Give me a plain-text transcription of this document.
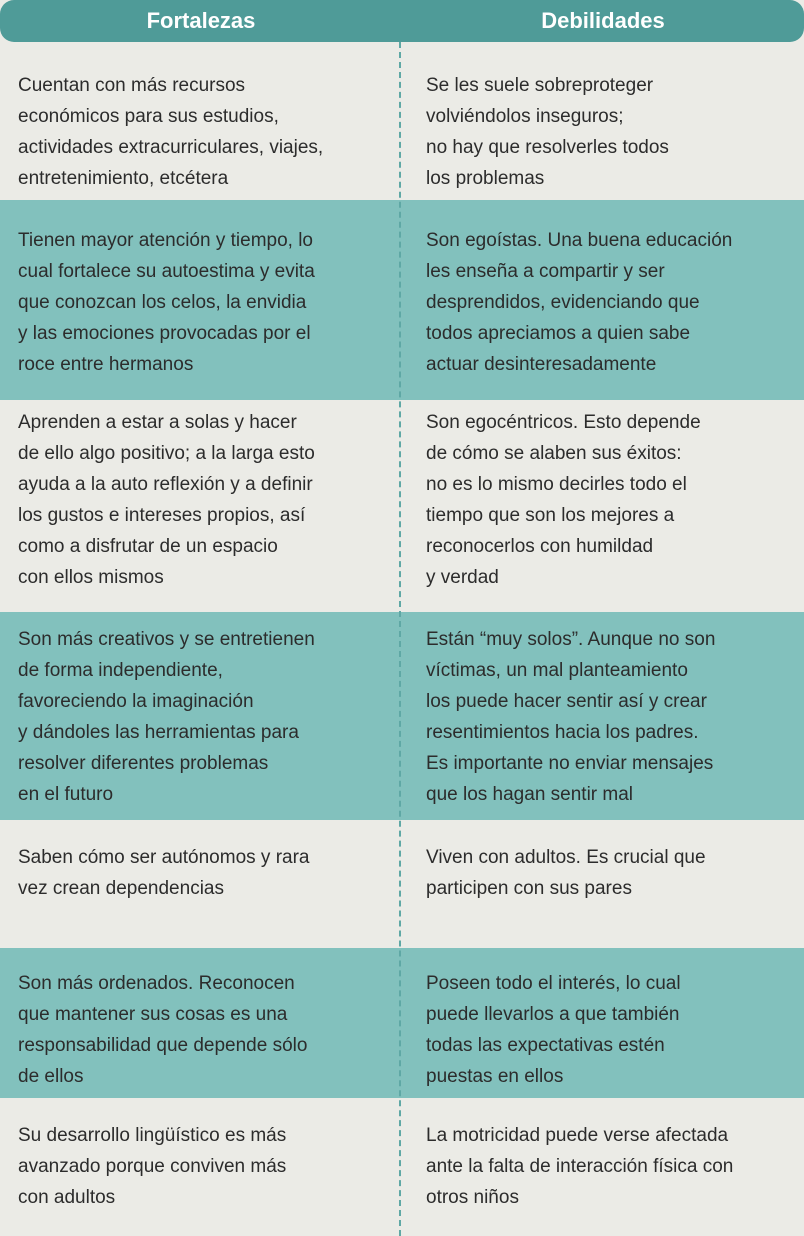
Fortalezas	Debilidades
Cuentan con más recursos
económicos para sus estudios,
actividades extracurriculares, viajes,
entretenimiento, etcétera
Se les suele sobreproteger
volviéndolos inseguros;
no hay que resolverles todos
los problemas
Tienen mayor atención y tiempo, lo
cual fortalece su autoestima y evita
que conozcan los celos, la envidia
y las emociones provocadas por el
roce entre hermanos
Son egoístas. Una buena educación
les enseña a compartir y ser
desprendidos, evidenciando que
todos apreciamos a quien sabe
actuar desinteresadamente
Aprenden a estar a solas y hacer
de ello algo positivo; a la larga esto
ayuda a la auto reflexión y a definir
los gustos e intereses propios, así
como a disfrutar de un espacio
con ellos mismos
Son egocéntricos. Esto depende
de cómo se alaben sus éxitos:
no es lo mismo decirles todo el
tiempo que son los mejores a
reconocerlos con humildad
y verdad
Son más creativos y se entretienen
de forma independiente,
favoreciendo la imaginación
y dándoles las herramientas para
resolver diferentes problemas
en el futuro
Están “muy solos”. Aunque no son
víctimas, un mal planteamiento
los puede hacer sentir así y crear
resentimientos hacia los padres.
Es importante no enviar mensajes
que los hagan sentir mal
Saben cómo ser autónomos y rara
vez crean dependencias
Viven con adultos. Es crucial que
participen con sus pares
Son más ordenados. Reconocen
que mantener sus cosas es una
responsabilidad que depende sólo
de ellos
Poseen todo el interés, lo cual
puede llevarlos a que también
todas las expectativas estén
puestas en ellos
Su desarrollo lingüístico es más
avanzado porque conviven más
con adultos
La motricidad puede verse afectada
ante la falta de interacción física con
otros niños
